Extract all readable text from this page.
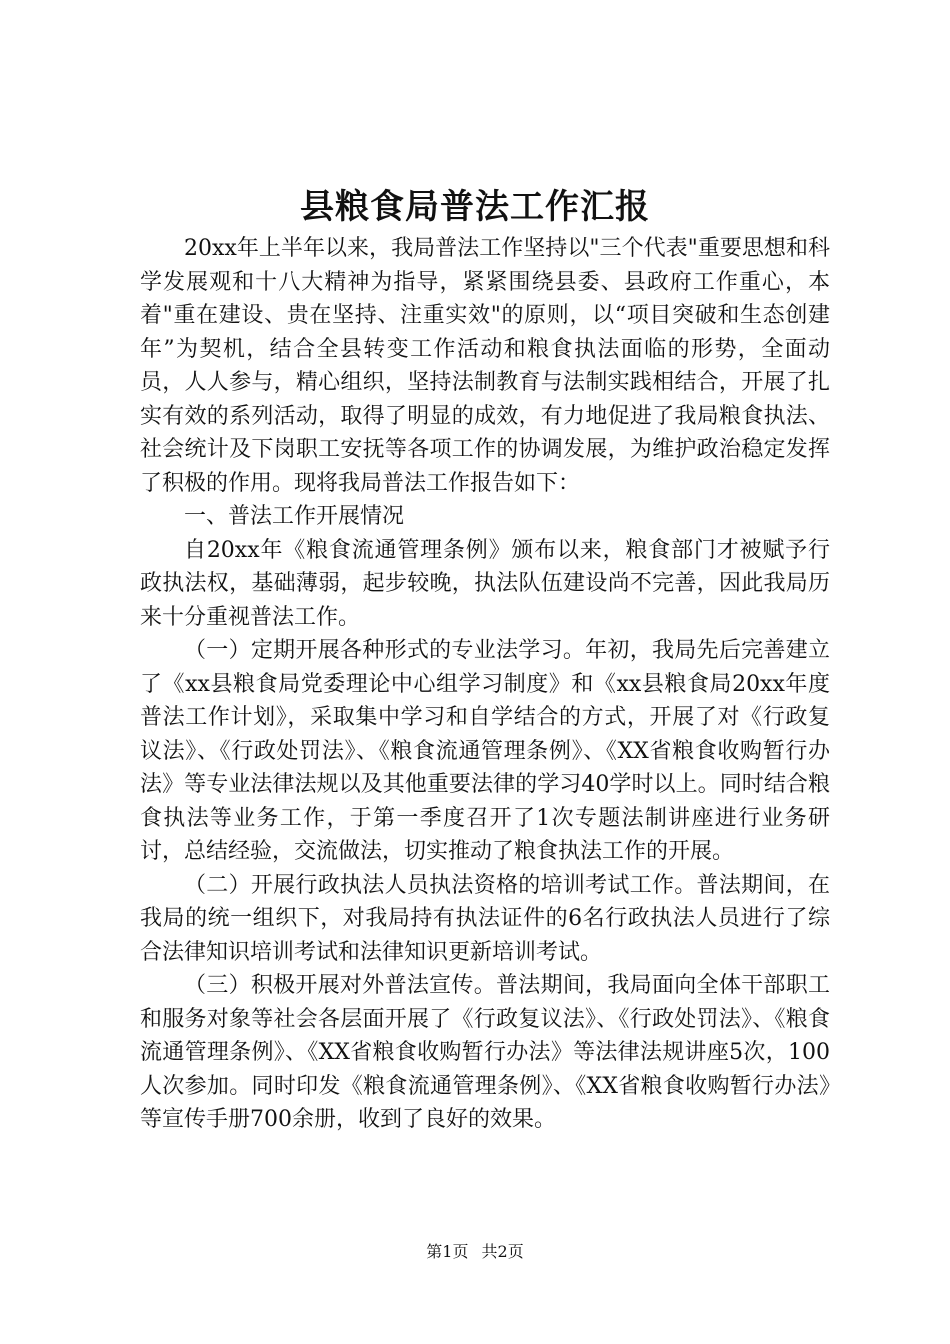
县粮食局普法工作汇报

20xx年上半年以来，我局普法工作坚持以"三个代表"重要思想和科学发展观和十八大精神为指导，紧紧围绕县委、县政府工作重心，本着"重在建设、贵在坚持、注重实效"的原则，以“项目突破和生态创建年”为契机，结合全县转变工作活动和粮食执法面临的形势，全面动员，人人参与，精心组织，坚持法制教育与法制实践相结合，开展了扎实有效的系列活动，取得了明显的成效，有力地促进了我局粮食执法、社会统计及下岗职工安抚等各项工作的协调发展，为维护政治稳定发挥了积极的作用。现将我局普法工作报告如下：

一、普法工作开展情况

自20xx年《粮食流通管理条例》颁布以来，粮食部门才被赋予行政执法权，基础薄弱，起步较晚，执法队伍建设尚不完善，因此我局历来十分重视普法工作。

（一）定期开展各种形式的专业法学习。年初，我局先后完善建立了《xx县粮食局党委理论中心组学习制度》和《xx县粮食局20xx年度普法工作计划》，采取集中学习和自学结合的方式，开展了对《行政复议法》、《行政处罚法》、《粮食流通管理条例》、《XX省粮食收购暂行办法》等专业法律法规以及其他重要法律的学习40学时以上。同时结合粮食执法等业务工作，于第一季度召开了1次专题法制讲座进行业务研讨，总结经验，交流做法，切实推动了粮食执法工作的开展。

（二）开展行政执法人员执法资格的培训考试工作。普法期间，在我局的统一组织下，对我局持有执法证件的6名行政执法人员进行了综合法律知识培训考试和法律知识更新培训考试。

（三）积极开展对外普法宣传。普法期间，我局面向全体干部职工和服务对象等社会各层面开展了《行政复议法》、《行政处罚法》、《粮食流通管理条例》、《XX省粮食收购暂行办法》等法律法规讲座5次，100人次参加。同时印发《粮食流通管理条例》、《XX省粮食收购暂行办法》等宣传手册700余册，收到了良好的效果。

第1页 共2页
